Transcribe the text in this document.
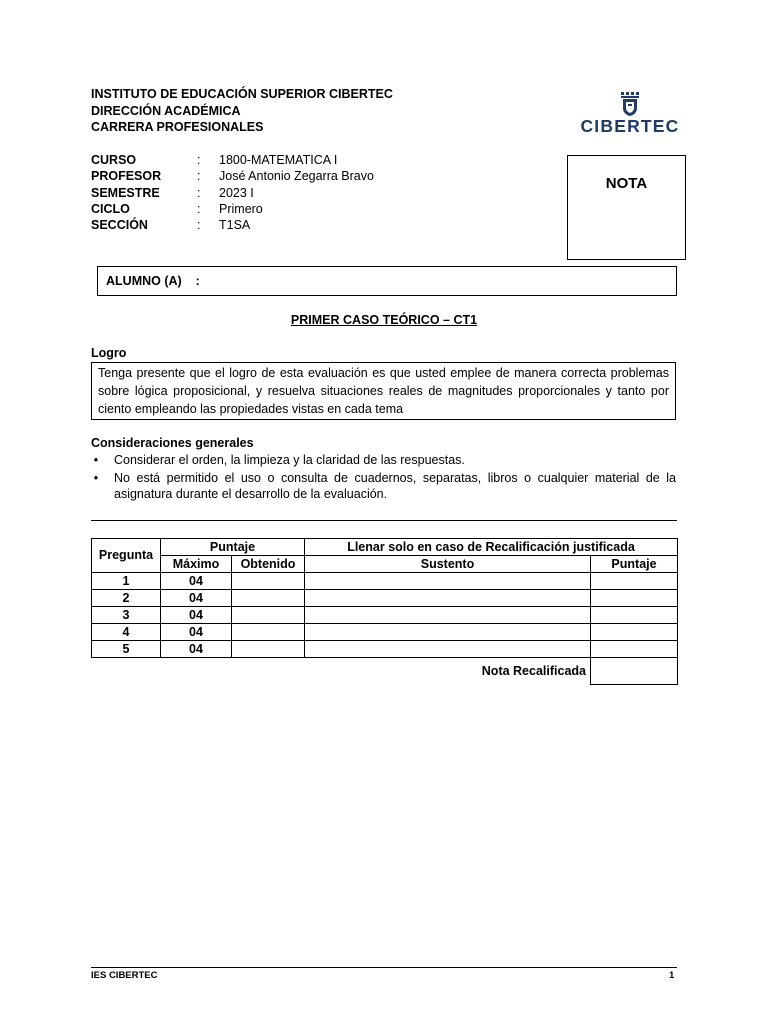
INSTITUTO DE EDUCACIÓN SUPERIOR CIBERTEC
DIRECCIÓN ACADÉMICA
CARRERA PROFESIONALES	CIBERTEC
CURSO	: 1800-MATEMATICA I
PROFESOR	: José Antonio Zegarra Bravo
SEMESTRE	: 2023 I
CICLO	: Primero
SECCIÓN	: T1SA
NOTA
ALUMNO (A)    :
PRIMER CASO TEÓRICO – CT1
Logro
Tenga presente que el logro de esta evaluación es que usted emplee de manera correcta problemas sobre lógica proposicional, y resuelva situaciones reales de magnitudes proporcionales y tanto por ciento empleando las propiedades vistas en cada tema
Consideraciones generales
• Considerar el orden, la limpieza y la claridad de las respuestas.
• No está permitido el uso o consulta de cuadernos, separatas, libros o cualquier material de la asignatura durante el desarrollo de la evaluación.
Pregunta	Puntaje		Llenar solo en caso de Recalificación justificada	
	Máximo	Obtenido	Sustento	Puntaje
1	04			
2	04			
3	04			
4	04			
5	04			
Nota Recalificada				
IES CIBERTEC	1
